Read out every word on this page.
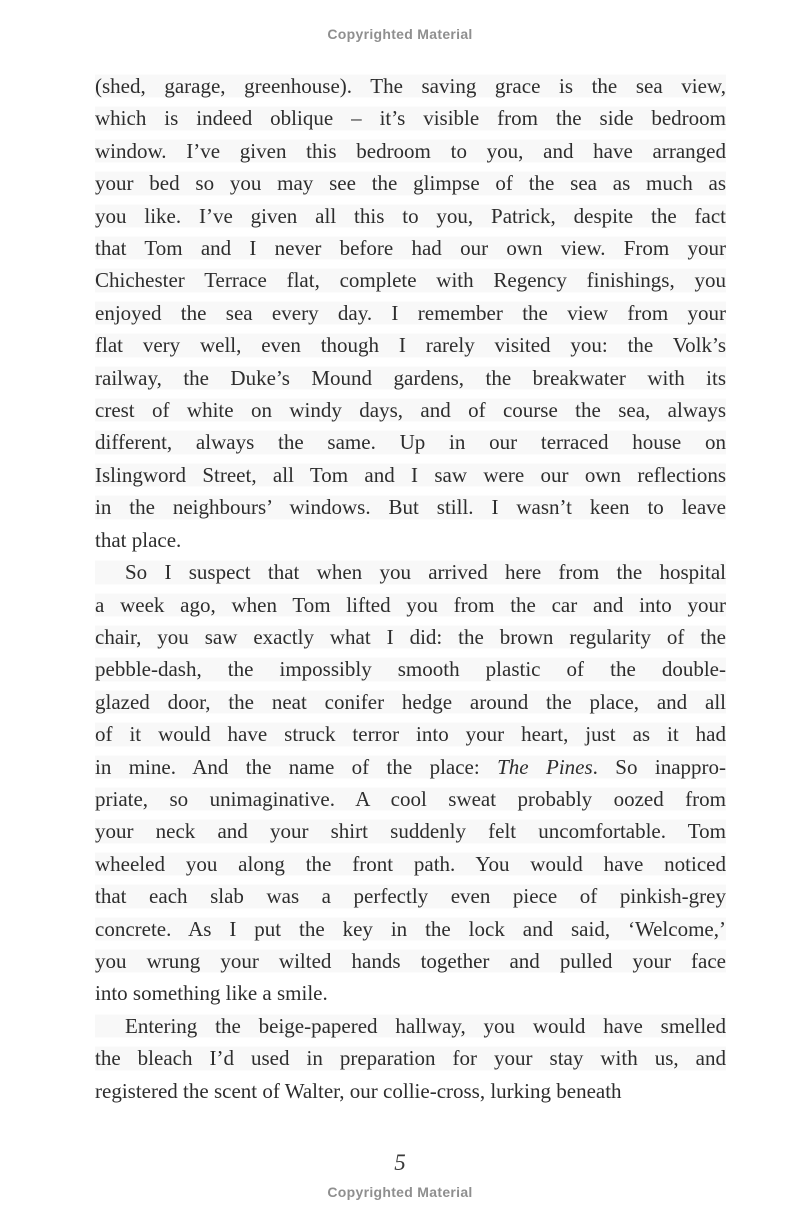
Copyrighted Material
(shed, garage, greenhouse). The saving grace is the sea view,
which is indeed oblique – it’s visible from the side bedroom
window. I’ve given this bedroom to you, and have arranged
your bed so you may see the glimpse of the sea as much as
you like. I’ve given all this to you, Patrick, despite the fact
that Tom and I never before had our own view. From your
Chichester Terrace flat, complete with Regency finishings, you
enjoyed the sea every day. I remember the view from your
flat very well, even though I rarely visited you: the Volk’s
railway, the Duke’s Mound gardens, the breakwater with its
crest of white on windy days, and of course the sea, always
different, always the same. Up in our terraced house on
Islingword Street, all Tom and I saw were our own reflections
in the neighbours’ windows. But still. I wasn’t keen to leave
that place.
So I suspect that when you arrived here from the hospital
a week ago, when Tom lifted you from the car and into your
chair, you saw exactly what I did: the brown regularity of the
pebble-dash, the impossibly smooth plastic of the double-
glazed door, the neat conifer hedge around the place, and all
of it would have struck terror into your heart, just as it had
in mine. And the name of the place: The Pines. So inappro-
priate, so unimaginative. A cool sweat probably oozed from
your neck and your shirt suddenly felt uncomfortable. Tom
wheeled you along the front path. You would have noticed
that each slab was a perfectly even piece of pinkish-grey
concrete. As I put the key in the lock and said, ‘Welcome,’
you wrung your wilted hands together and pulled your face
into something like a smile.
Entering the beige-papered hallway, you would have smelled
the bleach I’d used in preparation for your stay with us, and
registered the scent of Walter, our collie-cross, lurking beneath
5
Copyrighted Material
